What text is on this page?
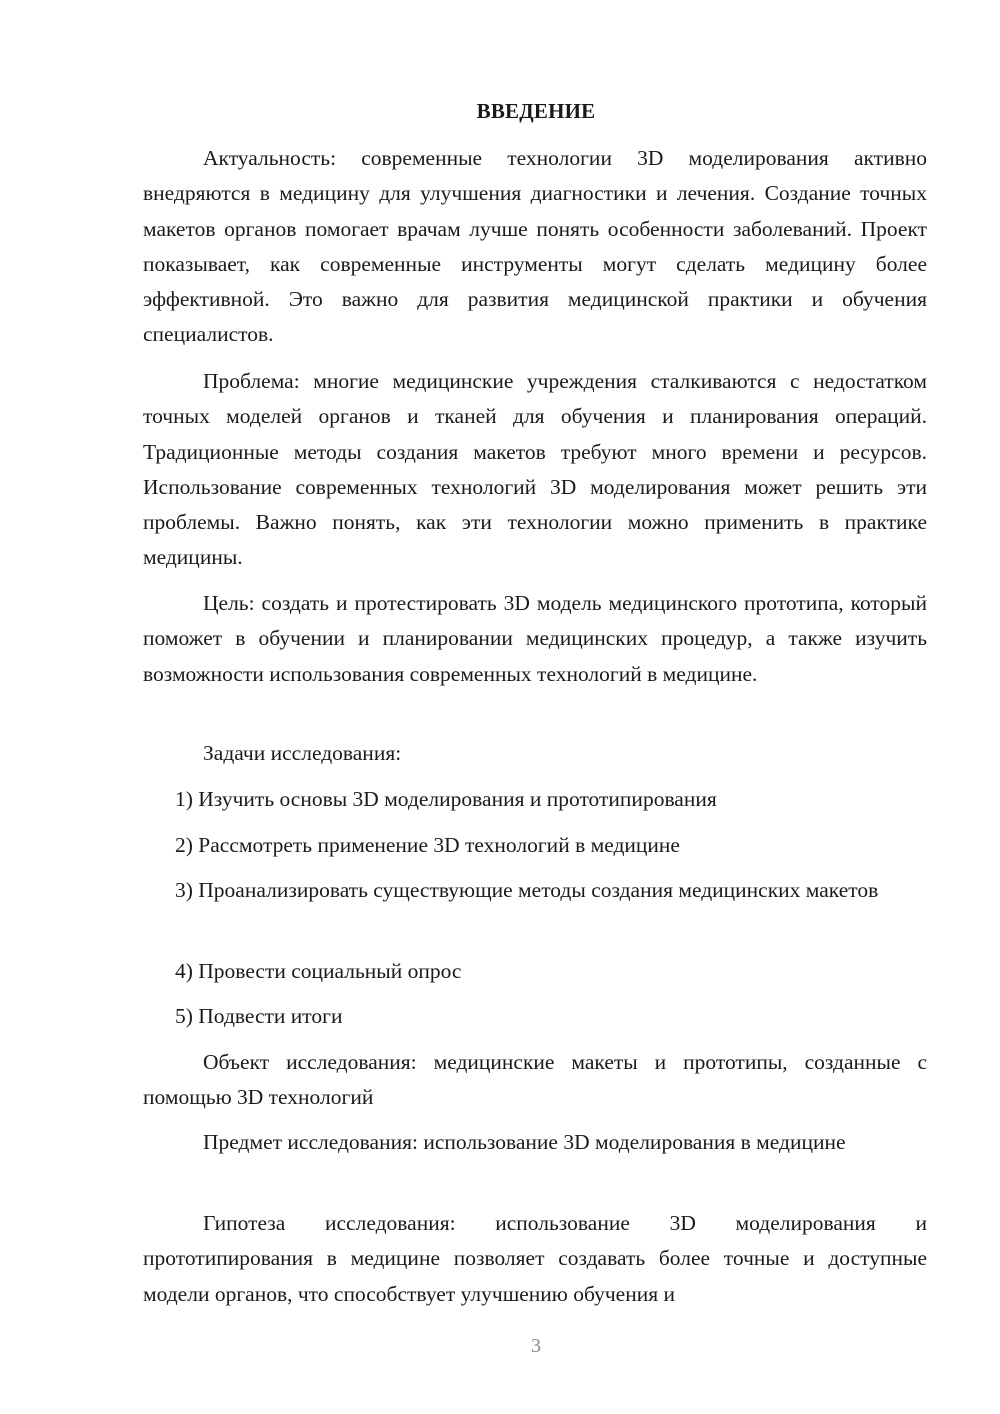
ВВЕДЕНИЕ

Актуальность: современные технологии 3D моделирования активно внедряются в медицину для улучшения диагностики и лечения. Создание точных макетов органов помогает врачам лучше понять особенности заболеваний. Проект показывает, как современные инструменты могут сделать медицину более эффективной. Это важно для развития медицинской практики и обучения специалистов.

Проблема: многие медицинские учреждения сталкиваются с недостатком точных моделей органов и тканей для обучения и планирования операций. Традиционные методы создания макетов требуют много времени и ресурсов. Использование современных технологий 3D моделирования может решить эти проблемы. Важно понять, как эти технологии можно применить в практике медицины.

Цель: создать и протестировать 3D модель медицинского прототипа, который поможет в обучении и планировании медицинских процедур, а также изучить возможности использования современных технологий в медицине.

Задачи исследования:

1) Изучить основы 3D моделирования и прототипирования

2) Рассмотреть применение 3D технологий в медицине

3) Проанализировать существующие методы создания медицинских макетов

4) Провести социальный опрос

5) Подвести итоги

Объект исследования: медицинские макеты и прототипы, созданные с помощью 3D технологий

Предмет исследования: использование 3D моделирования в медицине

Гипотеза исследования: использование 3D моделирования и прототипирования в медицине позволяет создавать более точные и доступные модели органов, что способствует улучшению обучения и

3
